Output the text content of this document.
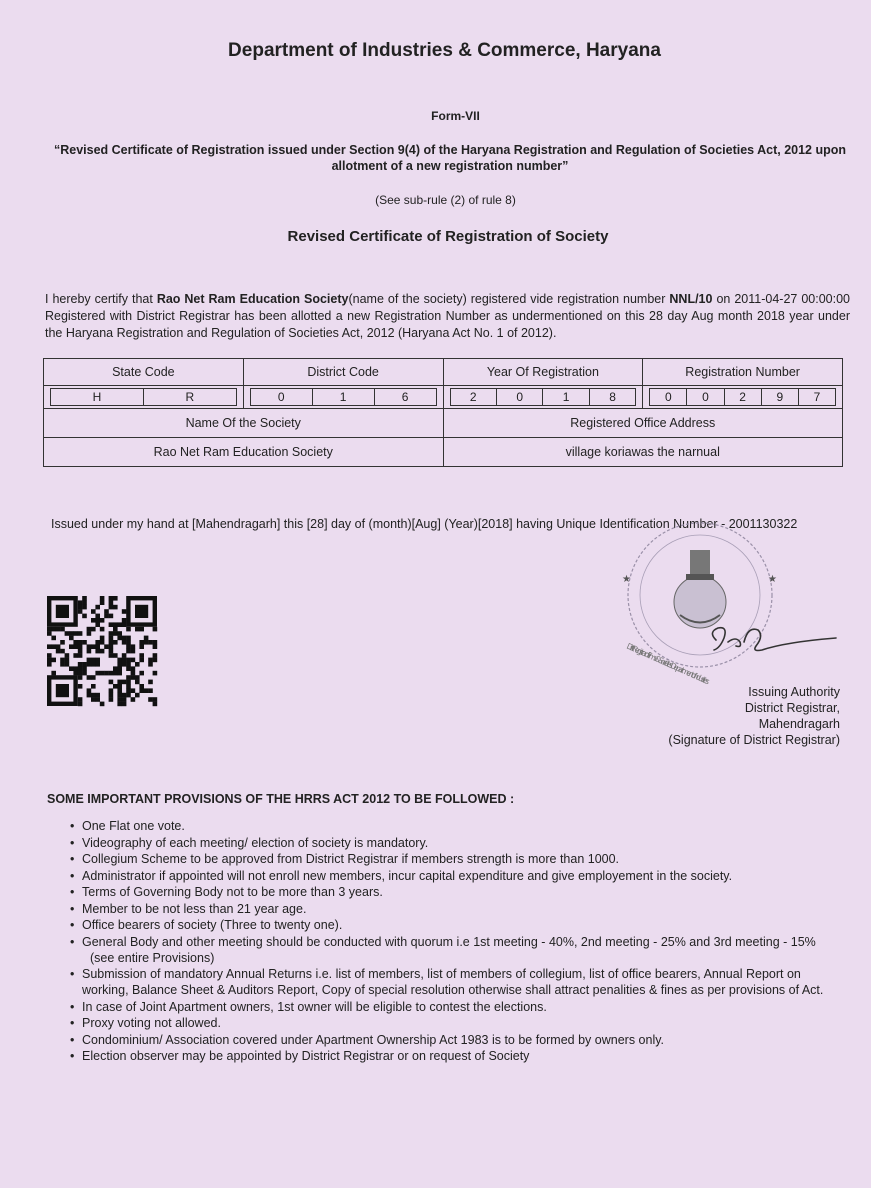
Department of Industries & Commerce, Haryana
Form-VII
“Revised Certificate of Registration issued under Section 9(4) of the Haryana Registration and Regulation of Societies Act, 2012 upon allotment of a new registration number”
(See sub-rule (2) of rule 8)
Revised Certificate of Registration of Society
I hereby certify that Rao Net Ram Education Society(name of the society) registered vide registration number NNL/10 on 2011-04-27 00:00:00 Registered with District Registrar has been allotted a new Registration Number as undermentioned on this 28 day Aug month 2018 year under the Haryana Registration and Regulation of Societies Act, 2012 (Haryana Act No. 1 of 2012).
State Code	District Code	Year Of Registration	Registration Number

H R	0 1 6	2 0 1 8	0 0 2 9 7

Name Of the Society		Registered Office Address	
Rao Net Ram Education Society		village koriawas the narnual	
Issued under my hand at [Mahendragarh] this [28] day of (month)[Aug] (Year)[2018] having Unique Identification Number - 2001130322
★	★
Distt. Registrar of Firms & Societies · Department of Industries
Issuing Authority
District Registrar,
Mahendragarh
(Signature of District Registrar)
SOME IMPORTANT PROVISIONS OF THE HRRS ACT 2012 TO BE FOLLOWED :
• One Flat one vote.
• Videography of each meeting/ election of society is mandatory.
• Collegium Scheme to be approved from District Registrar if members strength is more than 1000.
• Administrator if appointed will not enroll new members, incur capital expenditure and give employement in the society.
• Terms of Governing Body not to be more than 3 years.
• Member to be not less than 21 year age.
• Office bearers of society (Three to twenty one).
• General Body and other meeting should be conducted with quorum i.e 1st meeting - 40%, 2nd meeting - 25% and 3rd meeting - 15%
(see entire Provisions)
• Submission of mandatory Annual Returns i.e. list of members, list of members of collegium, list of office bearers, Annual Report on working, Balance Sheet & Auditors Report, Copy of special resolution otherwise shall attract penalities & fines as per provisions of Act.
• In case of Joint Apartment owners, 1st owner will be eligible to contest the elections.
• Proxy voting not allowed.
• Condominium/ Association covered under Apartment Ownership Act 1983 is to be formed by owners only.
• Election observer may be appointed by District Registrar or on request of Society
